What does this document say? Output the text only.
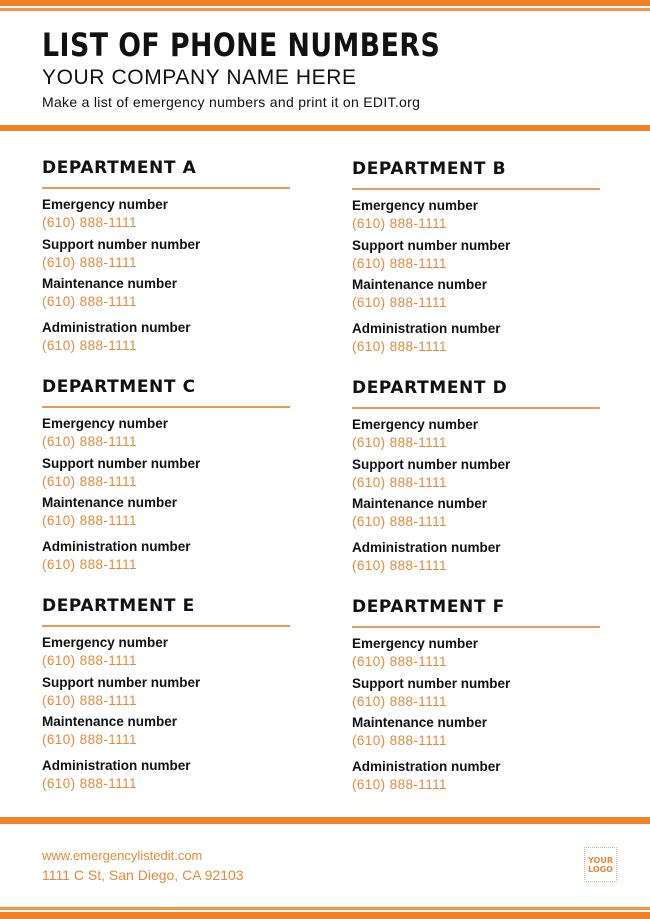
LIST OF PHONE NUMBERS
YOUR COMPANY NAME HERE
Make a list of emergency numbers and print it on EDIT.org
DEPARTMENT A
Emergency number
(610) 888-1111
Support number number
(610) 888-1111
Maintenance number
(610) 888-1111
Administration number
(610) 888-1111
DEPARTMENT B
Emergency number
(610) 888-1111
Support number number
(610) 888-1111
Maintenance number
(610) 888-1111
Administration number
(610) 888-1111
DEPARTMENT C
Emergency number
(610) 888-1111
Support number number
(610) 888-1111
Maintenance number
(610) 888-1111
Administration number
(610) 888-1111
DEPARTMENT D
Emergency number
(610) 888-1111
Support number number
(610) 888-1111
Maintenance number
(610) 888-1111
Administration number
(610) 888-1111
DEPARTMENT E
Emergency number
(610) 888-1111
Support number number
(610) 888-1111
Maintenance number
(610) 888-1111
Administration number
(610) 888-1111
DEPARTMENT F
Emergency number
(610) 888-1111
Support number number
(610) 888-1111
Maintenance number
(610) 888-1111
Administration number
(610) 888-1111
www.emergencylistedit.com
1111 C St, San Diego, CA 92103
YOUR
LOGO
